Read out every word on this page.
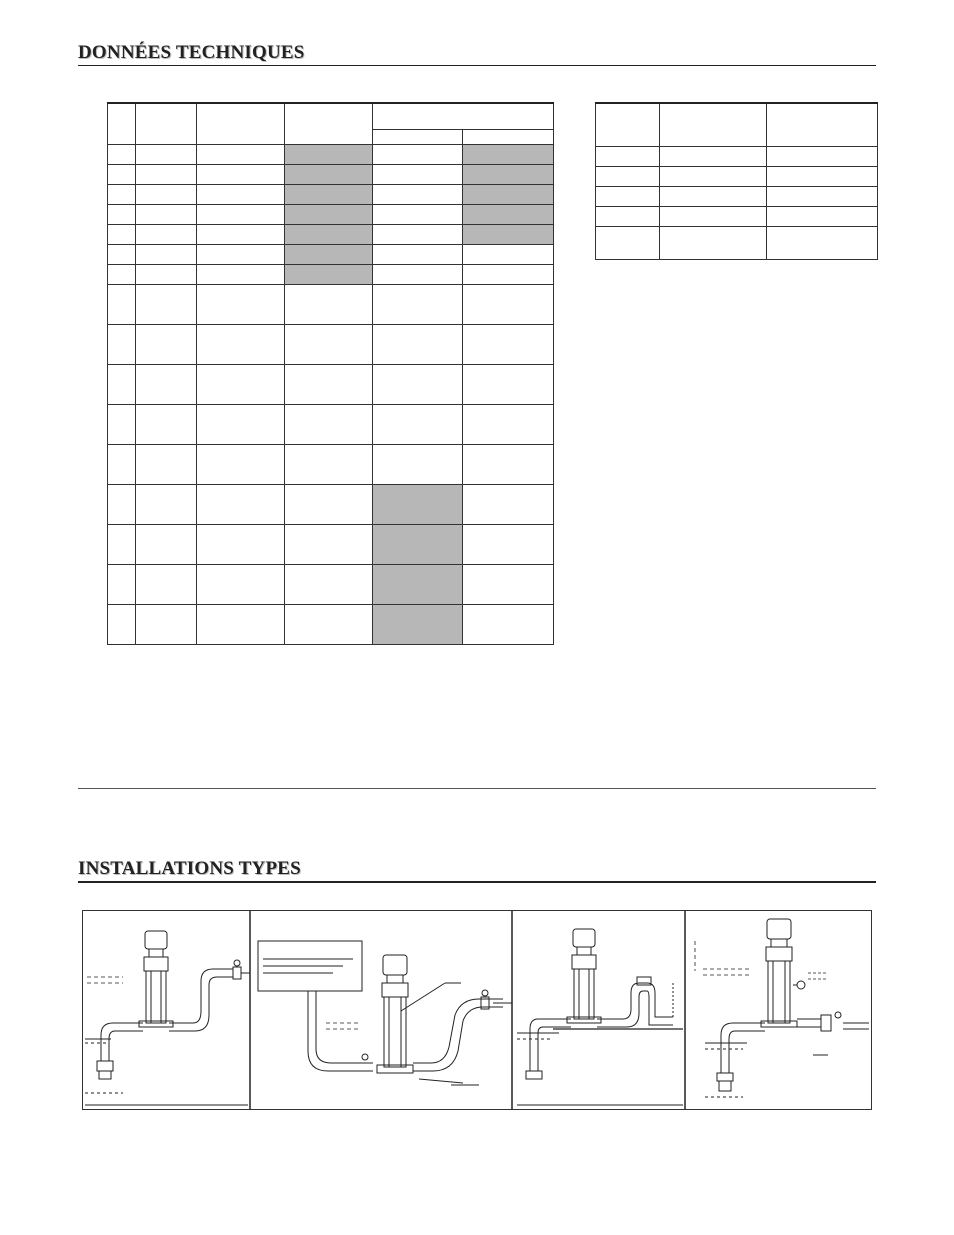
DONNÉES TECHNIQUES

INSTALLATIONS TYPES
